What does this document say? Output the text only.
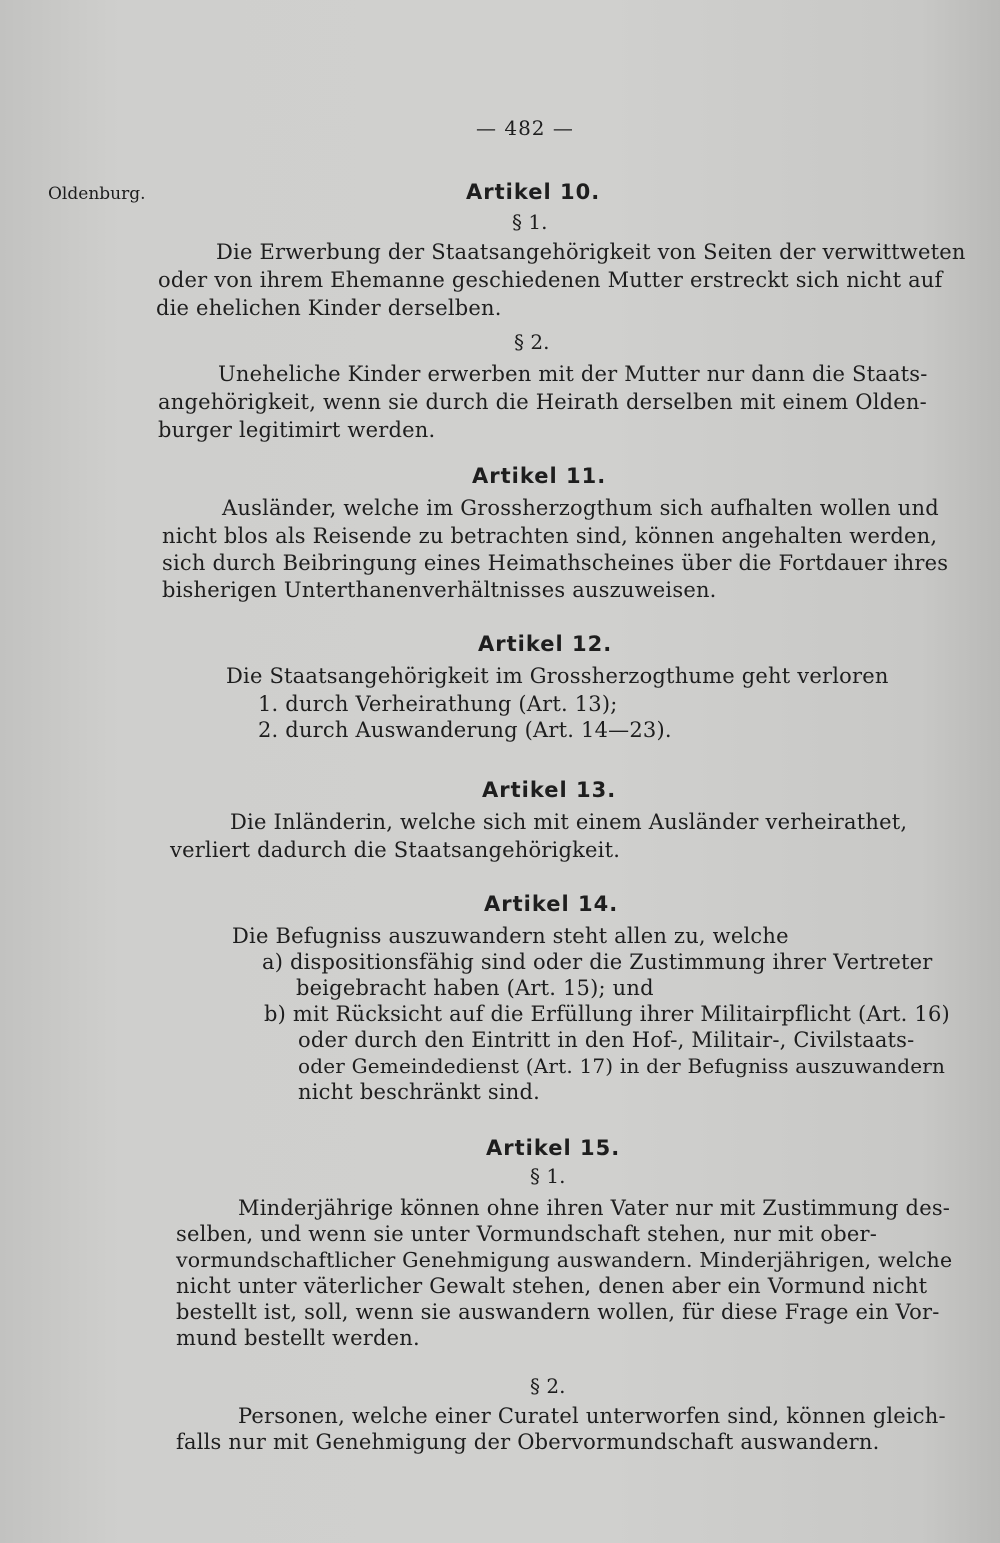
— 482 —
Oldenburg.	Artikel 10.
§ 1.
Die Erwerbung der Staatsangehörigkeit von Seiten der verwittweten
oder von ihrem Ehemanne geschiedenen Mutter erstreckt sich nicht auf
die ehelichen Kinder derselben.
§ 2.
Uneheliche Kinder erwerben mit der Mutter nur dann die Staats-
angehörigkeit, wenn sie durch die Heirath derselben mit einem Olden-
burger legitimirt werden.
Artikel 11.
Ausländer, welche im Grossherzogthum sich aufhalten wollen und
nicht blos als Reisende zu betrachten sind, können angehalten werden,
sich durch Beibringung eines Heimathscheines über die Fortdauer ihres
bisherigen Unterthanenverhältnisses auszuweisen.
Artikel 12.
Die Staatsangehörigkeit im Grossherzogthume geht verloren
1. durch Verheirathung (Art. 13);
2. durch Auswanderung (Art. 14—23).
Artikel 13.
Die Inländerin, welche sich mit einem Ausländer verheirathet,
verliert dadurch die Staatsangehörigkeit.
Artikel 14.
Die Befugniss auszuwandern steht allen zu, welche
a) dispositionsfähig sind oder die Zustimmung ihrer Vertreter
beigebracht haben (Art. 15); und
b) mit Rücksicht auf die Erfüllung ihrer Militairpflicht (Art. 16)
oder durch den Eintritt in den Hof-, Militair-, Civilstaats-
oder Gemeindedienst (Art. 17) in der Befugniss auszuwandern
nicht beschränkt sind.
Artikel 15.
§ 1.
Minderjährige können ohne ihren Vater nur mit Zustimmung des-
selben, und wenn sie unter Vormundschaft stehen, nur mit ober-
vormundschaftlicher Genehmigung auswandern. Minderjährigen, welche
nicht unter väterlicher Gewalt stehen, denen aber ein Vormund nicht
bestellt ist, soll, wenn sie auswandern wollen, für diese Frage ein Vor-
mund bestellt werden.
§ 2.
Personen, welche einer Curatel unterworfen sind, können gleich-
falls nur mit Genehmigung der Obervormundschaft auswandern.
